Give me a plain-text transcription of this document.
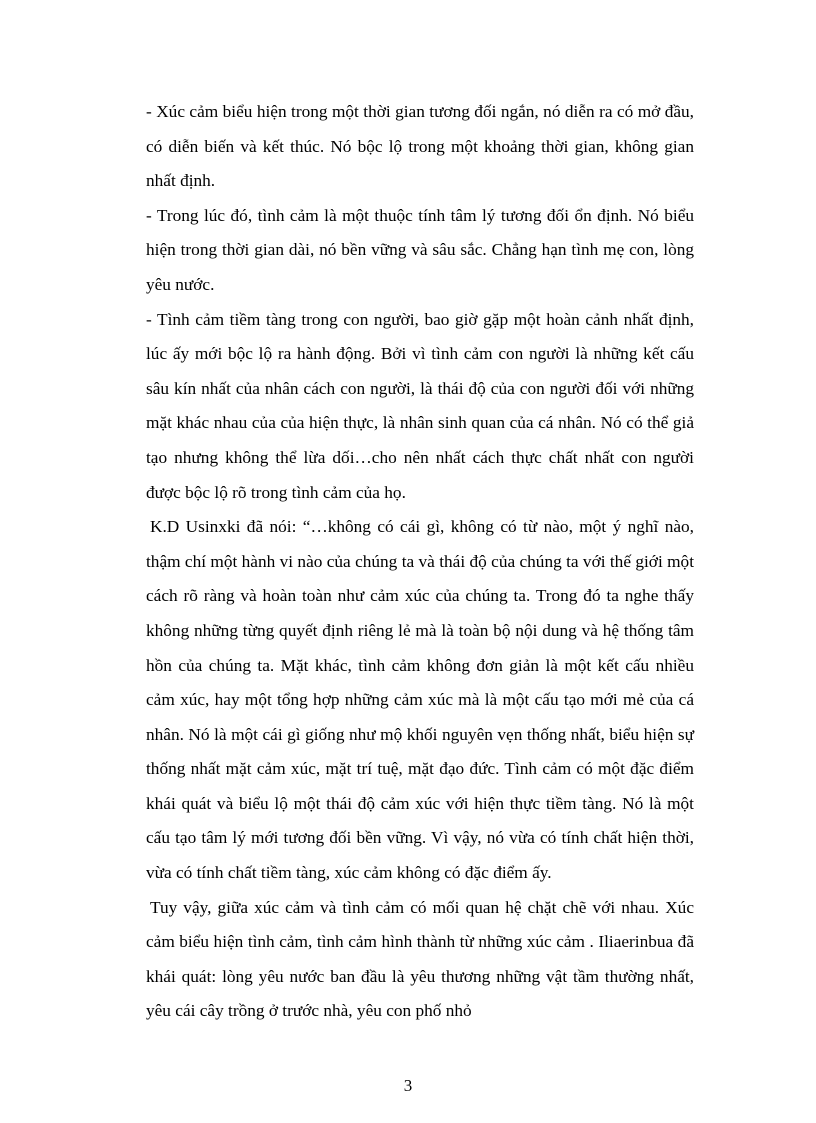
- Xúc cảm biểu hiện trong một thời gian tương đối ngắn, nó diễn ra có mở đầu, có diễn biến và kết thúc. Nó bộc lộ trong một khoảng thời gian, không gian nhất định.

- Trong lúc đó, tình cảm là một thuộc tính tâm lý tương đối ổn định. Nó biểu hiện trong thời gian dài, nó bền vững và sâu sắc. Chẳng hạn tình mẹ con, lòng yêu nước.

- Tình cảm tiềm tàng trong con người, bao giờ gặp một hoàn cảnh nhất định, lúc ấy mới bộc lộ ra hành động. Bởi vì tình cảm con người là những kết cấu sâu kín nhất của nhân cách con người, là thái độ của con người đối với những mặt khác nhau của của hiện thực, là nhân sinh quan của cá nhân. Nó có thể giả tạo nhưng không thể lừa dối…cho nên nhất cách thực chất nhất con người được bộc lộ rõ trong tình cảm của họ.

K.D Usinxki đã nói: “…không có cái gì, không có từ nào, một ý nghĩ nào, thậm chí một hành vi nào của chúng ta và thái độ của chúng ta với thế giới một cách rõ ràng và hoàn toàn như cảm xúc của chúng ta. Trong đó ta nghe thấy không những từng quyết định riêng lẻ mà là toàn bộ nội dung và hệ thống tâm hồn của chúng ta. Mặt khác, tình cảm không đơn giản là một kết cấu nhiều cảm xúc, hay một tổng hợp những cảm xúc mà là một cấu tạo mới mẻ của cá nhân. Nó là một cái gì giống như mộ khối nguyên vẹn thống nhất, biểu hiện sự thống nhất mặt cảm xúc, mặt trí tuệ, mặt đạo đức. Tình cảm có một đặc điểm khái quát và biểu lộ một thái độ cảm xúc với hiện thực tiềm tàng. Nó là một cấu tạo tâm lý mới tương đối bền vững. Vì vậy, nó vừa có tính chất hiện thời, vừa có tính chất tiềm tàng, xúc cảm không có đặc điểm ấy.

Tuy vậy, giữa xúc cảm và tình cảm có mối quan hệ chặt chẽ với nhau. Xúc cảm biểu hiện tình cảm, tình cảm hình thành từ những xúc cảm . Iliaerinbua đã khái quát: lòng yêu nước ban đầu là yêu thương những vật tầm thường nhất, yêu cái cây trồng ở trước nhà, yêu con phố nhỏ

3
